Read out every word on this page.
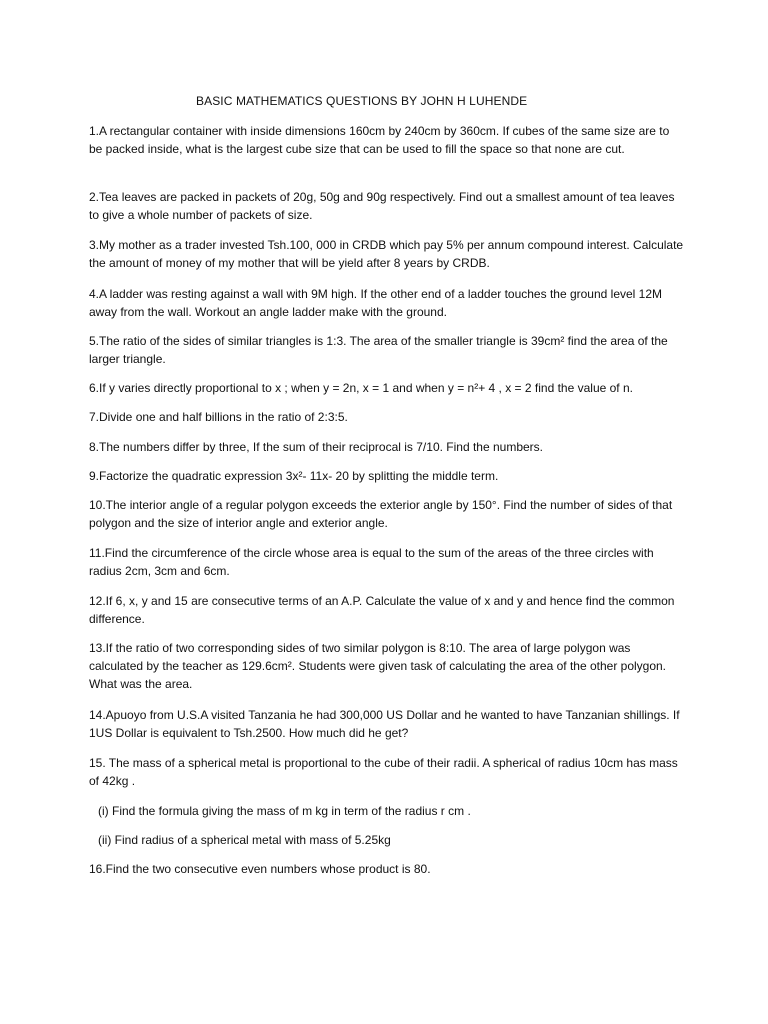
BASIC MATHEMATICS QUESTIONS BY JOHN H LUHENDE
1.A rectangular container with inside dimensions 160cm by 240cm by 360cm. If cubes of the same size are to be packed inside, what is the largest cube size that can be used to fill the space so that none are cut.
2.Tea leaves are packed in packets of 20g, 50g and 90g respectively. Find out a smallest amount of tea leaves to give a whole number of packets of size.
3.My mother as a trader invested Tsh.100, 000 in CRDB which pay 5% per annum compound interest. Calculate the amount of money of my mother that will be yield after 8 years by CRDB.
4.A ladder was resting against a wall with 9M high. If the other end of a ladder touches the ground level 12M away from the wall. Workout an angle ladder make with the ground.
5.The ratio of the sides of similar triangles is 1:3. The area of the smaller triangle is 39cm² find the area of the larger triangle.
6.If y varies directly proportional to x ; when y = 2n, x = 1 and when y = n²+ 4 , x = 2 find the value of n.
7.Divide one and half billions in the ratio of 2:3:5.
8.The numbers differ by three, If the sum of their reciprocal is 7/10. Find the numbers.
9.Factorize the quadratic expression 3x²- 11x- 20 by splitting the middle term.
10.The interior angle of a regular polygon exceeds the exterior angle by 150°. Find the number of sides of that polygon and the size of interior angle and exterior angle.
11.Find the circumference of the circle whose area is equal to the sum of the areas of the three circles with radius 2cm, 3cm and 6cm.
12.If 6, x, y and 15 are consecutive terms of an A.P. Calculate the value of x and y and hence find the common difference.
13.If the ratio of two corresponding sides of two similar polygon is 8:10. The area of large polygon was calculated by the teacher as 129.6cm². Students were given task of calculating the area of the other polygon. What was the area.
14.Apuoyo from U.S.A visited Tanzania he had 300,000 US Dollar and he wanted to have Tanzanian shillings. If 1US Dollar is equivalent to Tsh.2500. How much did he get?
15. The mass of a spherical metal is proportional to the cube of their radii. A spherical of radius 10cm has mass of 42kg .
(i) Find the formula giving the mass of m kg in term of the radius r cm .
(ii) Find radius of a spherical metal with mass of 5.25kg
16.Find the two consecutive even numbers whose product is 80.
